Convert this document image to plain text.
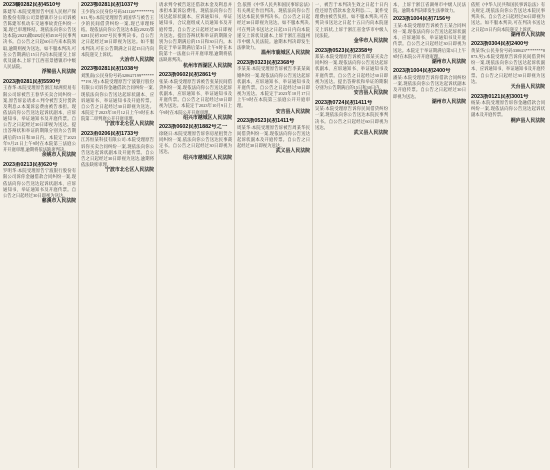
2023赣0282民初4510号
陈建军:本院受理原告中国人民财产保险股份有限公司景德镇市分公司诉被告陈建军机动车交通事故责任纠纷一案,现已审理终结。现依法向你公告送达本院(2023)赣0282民初4510号民事判决书。自公告之日起60日内来本院领取,逾期则视为送达。如不服本判决,可在公告期满后15日内向本院递交上诉状及副本,上诉于江西省景德镇市中级人民法院。
浮梁县人民法院
2023浙0281民初5590号
王春华:本院受理原告浙江绿洲贸易有限公司诉被告王春华买卖合同纠纷一案,原告诉讼请求:1.判令被告支付货款及利息;2.本案诉讼费由被告承担。现依法向你公告送达起诉状副本、应诉通知书、举证通知书及开庭传票。自公告之日起经过30日即视为送达。提出答辩状和举证的期限分别为公告期满后的15日和30日内。本院定于2023年9月21日上午9时在本院第三法庭公开开庭审理,逾期将依法缺席判决。
余姚市人民法院
2023甬0213民初620号
罗明华:本院受理原告宁波银行股份有限公司诉你金融借款合同纠纷一案,现依法向你公告送达起诉状副本、应诉通知书、举证通知书及开庭传票。自公告之日起经过30日即视为送达。
慈溪市人民法院
2023鄂0281民初1037号
王少的(公民身份号码341126********5611,男):本院受理原告刘国华与被告王少的民间借贷纠纷一案,现已审理终结。现依法向你公告送达本院(2023)鄂0281民初1037号民事判决书。自公告之日起经过30日即视为送达。如不服本判决,可在公告期满之日起15日内向本院递交上诉状。
大冶市人民法院
2023鄂0281民初1038号
刘凯南(公民身份号码320627199********191,男):本院受理原告宁波银行股份有限公司诉你金融借款合同纠纷一案,现依法向你公告送达起诉状副本、应诉通知书、举证通知书及开庭传票。自公告之日起经过30日即视为送达。本院定于2023年10月12日上午9时在本院第二审判庭公开开庭审理。
宁波市北仑区人民法院
2023甬0206民初1733号
江苏恒某科技有限公司:本院受理原告诉你买卖合同纠纷一案,现依法向你公告送达起诉状副本及开庭传票。自公告之日起经过30日即视为送达,逾期将依法缺席审理。
宁波市北仑区人民法院
请求判令被告返还借款本金及利息并承担本案诉讼费用。现依法向你公告送达起诉状副本、应诉通知书、举证通知书、合议庭组成人员通知书及开庭传票。自公告之日起经过30日即视为送达。提出答辩状和举证的期限分别为公告期满后的15日和30日内。本院定于举证期满后第3日上午9时在本院第十一法庭公开开庭审理,逾期将依法缺席判决。
杭州市西湖区人民法院
2023浙0602民初2861号
张某:本院受理原告诉被告张某民间借贷纠纷一案,现依法向你公告送达起诉状副本、应诉通知书、举证通知书及开庭传票。自公告之日起经过30日即视为送达。本院定于2023年10月9日上午9时在本院公开开庭审理。
绍兴市越城区人民法院
2023浙0602民初1882号之一
徐晓日:本院受理原告诉你房屋租赁合同纠纷一案,依法向你公告送达民事裁定书。自公告之日起经过30日即视为送达。
绍兴市越城区人民法院
会,依照《中华人民共和国民事诉讼法》有关规定作出判决。现依法向你公告送达本院民事判决书。自公告之日起经过30日即视为送达。如不服本判决,可在判决书送达之日起15日内向本院递交上诉状及副本,上诉于浙江省温州市中级人民法院。逾期本判决即发生法律效力。
温州市鹿城区人民法院
2023浙0323民初2368号
李某某:本院受理原告诉被告李某某离婚纠纷一案,现依法向你公告送达起诉状副本、应诉通知书、举证通知书及开庭传票。自公告之日起经过30日即视为送达。本院定于2023年10月17日上午9时在本院第三法庭公开开庭审理。
安吉县人民法院
2023浙0523民初1411号
周某华:本院受理原告诉被告周某华民间借贷纠纷一案,现依法向你公告送达起诉状副本及开庭传票。自公告之日起经过30日即视为送达。
武义县人民法院
一、被告于本判决生效之日起十日内偿还原告借款本金及利息;二、案件受理费由被告负担。如不服本判决,可在判决书送达之日起十五日内向本院递交上诉状,上诉于浙江省金华市中级人民法院。
金华市人民法院
2023浙0523民初2358号
郑某:本院受理原告诉被告郑某买卖合同纠纷一案,现依法向你公告送达起诉状副本、应诉通知书、举证通知书及开庭传票。自公告之日起经过30日即视为送达。提出答辩状和举证的期限分别为公告期满后的15日和30日内。
安吉县人民法院
2023浙0724民初1411号
吴某:本院受理原告诉你民间借贷纠纷一案,现依法向你公告送达本院民事判决书。自公告之日起经过60日即视为送达。
武义县人民法院
本、上诉于浙江省湖州市中级人民法院。逾期本判决即发生法律效力。
2023浙1004民初7156号
王某:本院受理原告诉被告王某合同纠纷一案,现依法向你公告送达起诉状副本、应诉通知书、举证通知书及开庭传票。自公告之日起经过30日即视为送达。本院定于举证期满后第3日上午9时在本院公开开庭审理。
湖州市人民法院
2023浙1004民初2400号
潘某:本院受理原告诉你借款合同纠纷一案,现依法向你公告送达起诉状副本及开庭传票。自公告之日起经过30日即视为送达。
湖州市人民法院
依照《中华人民共和国民事诉讼法》有关规定,现依法向你公告送达本院民事判决书。自公告之日起经过30日即视为送达。如不服本判决,可在判决书送达之日起15日内向本院递交上诉状。
湖州市人民法院
2023浙0304民初2400号
黄某华(公民身份号码330623********8873,男):本院受理原告诉你民间借贷纠纷一案,现依法向你公告送达起诉状副本、应诉通知书、举证通知书及开庭传票。自公告之日起经过30日即视为送达。
天台县人民法院
2023浙0121民初3001号
杨某:本院受理原告诉你金融借款合同纠纷一案,现依法向你公告送达起诉状副本及开庭传票。
桐庐县人民法院
